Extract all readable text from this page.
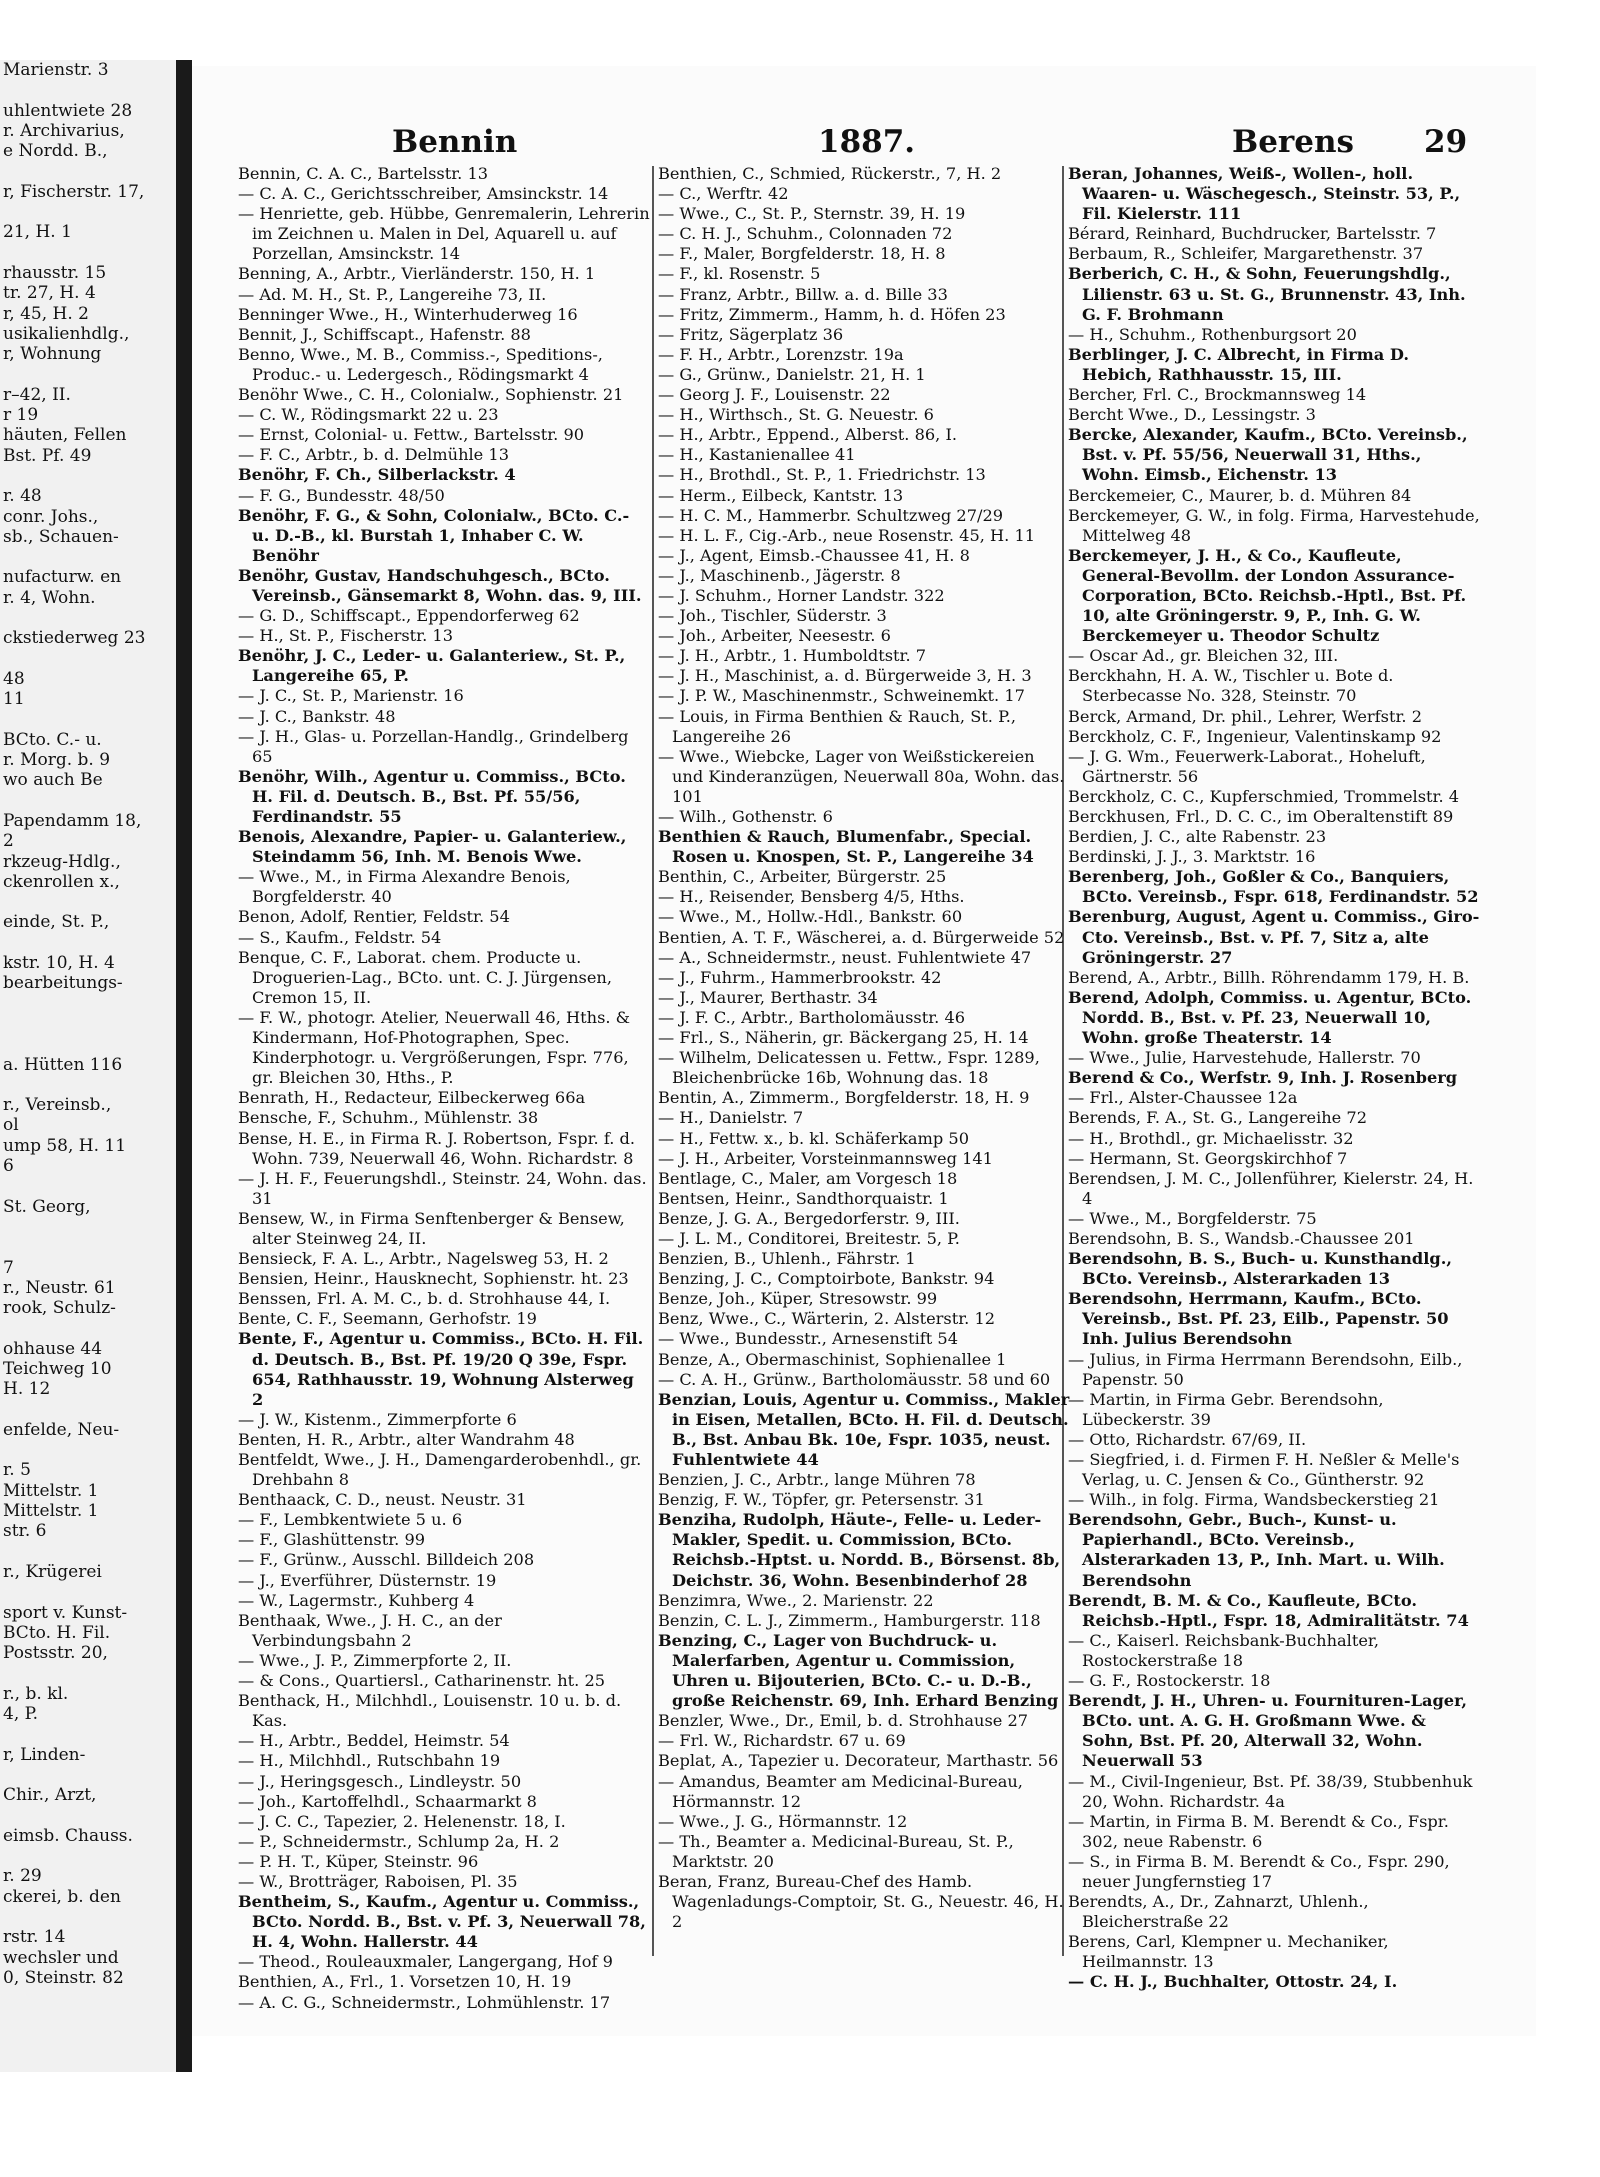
Marienstr. 3

uhlentwiete 28
r. Archivarius,
e Nordd. B.,

r, Fischerstr. 17,

21, H. 1

rhausstr. 15
tr. 27, H. 4
r, 45, H. 2
usikalienhdlg.,
r, Wohnung

r–42, II.
r 19
häuten, Fellen
Bst. Pf. 49

r. 48
conr. Johs.,
sb., Schauen-

nufacturw. en
r. 4, Wohn.

ckstiederweg 23

48
11

BCto. C.- u.
r. Morg. b. 9
wo auch Be

Papendamm 18,
2
rkzeug-Hdlg.,
ckenrollen x.,

einde, St. P.,

kstr. 10, H. 4
bearbeitungs-

a. Hütten 116

r., Vereinsb.,
ol
ump 58, H. 11
6

St. Georg,

7
r., Neustr. 61
rook, Schulz-

ohhause 44
Teichweg 10
H. 12

enfelde, Neu-

r. 5
Mittelstr. 1
Mittelstr. 1
str. 6

r., Krügerei

sport v. Kunst-
BCto. H. Fil.
Postsstr. 20,

r., b. kl.
4, P.

r, Linden-

Chir., Arzt,

eimsb. Chauss.

r. 29
ckerei, b. den

rstr. 14
wechsler und
0, Steinstr. 82
Bennin	1887.	Berens 29
Bennin, C. A. C., Bartelsstr. 13
— C. A. C., Gerichtsschreiber, Amsinckstr. 14
— Henriette, geb. Hübbe, Genremalerin, Lehrerin im Zeichnen u. Malen in Del, Aquarell u. auf Porzellan, Amsinckstr. 14
Benning, A., Arbtr., Vierländerstr. 150, H. 1
— Ad. M. H., St. P., Langereihe 73, II.
Benninger Wwe., H., Winterhuderweg 16
Bennit, J., Schiffscapt., Hafenstr. 88
Benno, Wwe., M. B., Commiss.-, Speditions-, Produc.- u. Ledergesch., Rödingsmarkt 4
Benöhr Wwe., C. H., Colonialw., Sophienstr. 21
— C. W., Rödingsmarkt 22 u. 23
— Ernst, Colonial- u. Fettw., Bartelsstr. 90
— F. C., Arbtr., b. d. Delmühle 13
Benöhr, F. Ch., Silberlackstr. 4
— F. G., Bundesstr. 48/50
Benöhr, F. G., & Sohn, Colonialw., BCto. C.- u. D.-B., kl. Burstah 1, Inhaber C. W. Benöhr
Benöhr, Gustav, Handschuhgesch., BCto. Vereinsb., Gänsemarkt 8, Wohn. das. 9, III.
— G. D., Schiffscapt., Eppendorferweg 62
— H., St. P., Fischerstr. 13
Benöhr, J. C., Leder- u. Galanteriew., St. P., Langereihe 65, P.
— J. C., St. P., Marienstr. 16
— J. C., Bankstr. 48
— J. H., Glas- u. Porzellan-Handlg., Grindelberg 65
Benöhr, Wilh., Agentur u. Commiss., BCto. H. Fil. d. Deutsch. B., Bst. Pf. 55/56, Ferdinandstr. 55
Benois, Alexandre, Papier- u. Galanteriew., Steindamm 56, Inh. M. Benois Wwe.
— Wwe., M., in Firma Alexandre Benois, Borgfelderstr. 40
Benon, Adolf, Rentier, Feldstr. 54
— S., Kaufm., Feldstr. 54
Benque, C. F., Laborat. chem. Producte u. Droguerien-Lag., BCto. unt. C. J. Jürgensen, Cremon 15, II.
— F. W., photogr. Atelier, Neuerwall 46, Hths. & Kindermann, Hof-Photographen, Spec. Kinderphotogr. u. Vergrößerungen, Fspr. 776, gr. Bleichen 30, Hths., P.
Benrath, H., Redacteur, Eilbeckerweg 66a
Bensche, F., Schuhm., Mühlenstr. 38
Bense, H. E., in Firma R. J. Robertson, Fspr. f. d. Wohn. 739, Neuerwall 46, Wohn. Richardstr. 8
— J. H. F., Feuerungshdl., Steinstr. 24, Wohn. das. 31
Bensew, W., in Firma Senftenberger & Bensew, alter Steinweg 24, II.
Bensieck, F. A. L., Arbtr., Nagelsweg 53, H. 2
Bensien, Heinr., Hausknecht, Sophienstr. ht. 23
Benssen, Frl. A. M. C., b. d. Strohhause 44, I.
Bente, C. F., Seemann, Gerhofstr. 19
Bente, F., Agentur u. Commiss., BCto. H. Fil. d. Deutsch. B., Bst. Pf. 19/20 Q 39e, Fspr. 654, Rathhausstr. 19, Wohnung Alsterweg 2
— J. W., Kistenm., Zimmerpforte 6
Benten, H. R., Arbtr., alter Wandrahm 48
Bentfeldt, Wwe., J. H., Damengarderobenhdl., gr. Drehbahn 8
Benthaack, C. D., neust. Neustr. 31
— F., Lembkentwiete 5 u. 6
— F., Glashüttenstr. 99
— F., Grünw., Ausschl. Billdeich 208
— J., Everführer, Düsternstr. 19
— W., Lagermstr., Kuhberg 4
Benthaak, Wwe., J. H. C., an der Verbindungsbahn 2
— Wwe., J. P., Zimmerpforte 2, II.
— & Cons., Quartiersl., Catharinenstr. ht. 25
Benthack, H., Milchhdl., Louisenstr. 10 u. b. d. Kas.
— H., Arbtr., Beddel, Heimstr. 54
— H., Milchhdl., Rutschbahn 19
— J., Heringsgesch., Lindleystr. 50
— Joh., Kartoffelhdl., Schaarmarkt 8
— J. C. C., Tapezier, 2. Helenenstr. 18, I.
— P., Schneidermstr., Schlump 2a, H. 2
— P. H. T., Küper, Steinstr. 96
— W., Brotträger, Raboisen, Pl. 35
Bentheim, S., Kaufm., Agentur u. Commiss., BCto. Nordd. B., Bst. v. Pf. 3, Neuerwall 78, H. 4, Wohn. Hallerstr. 44
— Theod., Rouleauxmaler, Langergang, Hof 9
Benthien, A., Frl., 1. Vorsetzen 10, H. 19
— A. C. G., Schneidermstr., Lohmühlenstr. 17
Benthien, C., Schmied, Rückerstr., 7, H. 2
— C., Werftr. 42
— Wwe., C., St. P., Sternstr. 39, H. 19
— C. H. J., Schuhm., Colonnaden 72
— F., Maler, Borgfelderstr. 18, H. 8
— F., kl. Rosenstr. 5
— Franz, Arbtr., Billw. a. d. Bille 33
— Fritz, Zimmerm., Hamm, h. d. Höfen 23
— Fritz, Sägerplatz 36
— F. H., Arbtr., Lorenzstr. 19a
— G., Grünw., Danielstr. 21, H. 1
— Georg J. F., Louisenstr. 22
— H., Wirthsch., St. G. Neuestr. 6
— H., Arbtr., Eppend., Alberst. 86, I.
— H., Kastanienallee 41
— H., Brothdl., St. P., 1. Friedrichstr. 13
— Herm., Eilbeck, Kantstr. 13
— H. C. M., Hammerbr. Schultzweg 27/29
— H. L. F., Cig.-Arb., neue Rosenstr. 45, H. 11
— J., Agent, Eimsb.-Chaussee 41, H. 8
— J., Maschinenb., Jägerstr. 8
— J. Schuhm., Horner Landstr. 322
— Joh., Tischler, Süderstr. 3
— Joh., Arbeiter, Neesestr. 6
— J. H., Arbtr., 1. Humboldtstr. 7
— J. H., Maschinist, a. d. Bürgerweide 3, H. 3
— J. P. W., Maschinenmstr., Schweinemkt. 17
— Louis, in Firma Benthien & Rauch, St. P., Langereihe 26
— Wwe., Wiebcke, Lager von Weißstickereien und Kinderanzügen, Neuerwall 80a, Wohn. das. 101
— Wilh., Gothenstr. 6
Benthien & Rauch, Blumenfabr., Special. Rosen u. Knospen, St. P., Langereihe 34
Benthin, C., Arbeiter, Bürgerstr. 25
— H., Reisender, Bensberg 4/5, Hths.
— Wwe., M., Hollw.-Hdl., Bankstr. 60
Bentien, A. T. F., Wäscherei, a. d. Bürgerweide 52
— A., Schneidermstr., neust. Fuhlentwiete 47
— J., Fuhrm., Hammerbrookstr. 42
— J., Maurer, Berthastr. 34
— J. F. C., Arbtr., Bartholomäusstr. 46
— Frl., S., Näherin, gr. Bäckergang 25, H. 14
— Wilhelm, Delicatessen u. Fettw., Fspr. 1289, Bleichenbrücke 16b, Wohnung das. 18
Bentin, A., Zimmerm., Borgfelderstr. 18, H. 9
— H., Danielstr. 7
— H., Fettw. x., b. kl. Schäferkamp 50
— J. H., Arbeiter, Vorsteinmannsweg 141
Bentlage, C., Maler, am Vorgesch 18
Bentsen, Heinr., Sandthorquaistr. 1
Benze, J. G. A., Bergedorferstr. 9, III.
— J. L. M., Conditorei, Breitestr. 5, P.
Benzien, B., Uhlenh., Fährstr. 1
Benzing, J. C., Comptoirbote, Bankstr. 94
Benze, Joh., Küper, Stresowstr. 99
Benz, Wwe., C., Wärterin, 2. Alsterstr. 12
— Wwe., Bundesstr., Arnesenstift 54
Benze, A., Obermaschinist, Sophienallee 1
— C. A. H., Grünw., Bartholomäusstr. 58 und 60
Benzian, Louis, Agentur u. Commiss., Makler in Eisen, Metallen, BCto. H. Fil. d. Deutsch. B., Bst. Anbau Bk. 10e, Fspr. 1035, neust. Fuhlentwiete 44
Benzien, J. C., Arbtr., lange Mühren 78
Benzig, F. W., Töpfer, gr. Petersenstr. 31
Benziha, Rudolph, Häute-, Felle- u. Leder-Makler, Spedit. u. Commission, BCto. Reichsb.-Hptst. u. Nordd. B., Börsenst. 8b, Deichstr. 36, Wohn. Besenbinderhof 28
Benzimra, Wwe., 2. Marienstr. 22
Benzin, C. L. J., Zimmerm., Hamburgerstr. 118
Benzing, C., Lager von Buchdruck- u. Malerfarben, Agentur u. Commission, Uhren u. Bijouterien, BCto. C.- u. D.-B., große Reichenstr. 69, Inh. Erhard Benzing
Benzler, Wwe., Dr., Emil, b. d. Strohhause 27
— Frl. W., Richardstr. 67 u. 69
Beplat, A., Tapezier u. Decorateur, Marthastr. 56
— Amandus, Beamter am Medicinal-Bureau, Hörmannstr. 12
— Wwe., J. G., Hörmannstr. 12
— Th., Beamter a. Medicinal-Bureau, St. P., Marktstr. 20
Beran, Franz, Bureau-Chef des Hamb. Wagenladungs-Comptoir, St. G., Neuestr. 46, H. 2
Beran, Johannes, Weiß-, Wollen-, holl. Waaren- u. Wäschegesch., Steinstr. 53, P., Fil. Kielerstr. 111
Bérard, Reinhard, Buchdrucker, Bartelsstr. 7
Berbaum, R., Schleifer, Margarethenstr. 37
Berberich, C. H., & Sohn, Feuerungshdlg., Lilienstr. 63 u. St. G., Brunnenstr. 43, Inh. G. F. Brohmann
— H., Schuhm., Rothenburgsort 20
Berblinger, J. C. Albrecht, in Firma D. Hebich, Rathhausstr. 15, III.
Bercher, Frl. C., Brockmannsweg 14
Bercht Wwe., D., Lessingstr. 3
Bercke, Alexander, Kaufm., BCto. Vereinsb., Bst. v. Pf. 55/56, Neuerwall 31, Hths., Wohn. Eimsb., Eichenstr. 13
Berckemeier, C., Maurer, b. d. Mühren 84
Berckemeyer, G. W., in folg. Firma, Harvestehude, Mittelweg 48
Berckemeyer, J. H., & Co., Kaufleute, General-Bevollm. der London Assurance-Corporation, BCto. Reichsb.-Hptl., Bst. Pf. 10, alte Gröningerstr. 9, P., Inh. G. W. Berckemeyer u. Theodor Schultz
— Oscar Ad., gr. Bleichen 32, III.
Berckhahn, H. A. W., Tischler u. Bote d. Sterbecasse No. 328, Steinstr. 70
Berck, Armand, Dr. phil., Lehrer, Werfstr. 2
Berckholz, C. F., Ingenieur, Valentinskamp 92
— J. G. Wm., Feuerwerk-Laborat., Hoheluft, Gärtnerstr. 56
Berckholz, C. C., Kupferschmied, Trommelstr. 4
Berckhusen, Frl., D. C. C., im Oberaltenstift 89
Berdien, J. C., alte Rabenstr. 23
Berdinski, J. J., 3. Marktstr. 16
Berenberg, Joh., Goßler & Co., Banquiers, BCto. Vereinsb., Fspr. 618, Ferdinandstr. 52
Berenburg, August, Agent u. Commiss., Giro-Cto. Vereinsb., Bst. v. Pf. 7, Sitz a, alte Gröningerstr. 27
Berend, A., Arbtr., Billh. Röhrendamm 179, H. B.
Berend, Adolph, Commiss. u. Agentur, BCto. Nordd. B., Bst. v. Pf. 23, Neuerwall 10, Wohn. große Theaterstr. 14
— Wwe., Julie, Harvestehude, Hallerstr. 70
Berend & Co., Werfstr. 9, Inh. J. Rosenberg
— Frl., Alster-Chaussee 12a
Berends, F. A., St. G., Langereihe 72
— H., Brothdl., gr. Michaelisstr. 32
— Hermann, St. Georgskirchhof 7
Berendsen, J. M. C., Jollenführer, Kielerstr. 24, H. 4
— Wwe., M., Borgfelderstr. 75
Berendsohn, B. S., Wandsb.-Chaussee 201
Berendsohn, B. S., Buch- u. Kunsthandlg., BCto. Vereinsb., Alsterarkaden 13
Berendsohn, Herrmann, Kaufm., BCto. Vereinsb., Bst. Pf. 23, Eilb., Papenstr. 50 Inh. Julius Berendsohn
— Julius, in Firma Herrmann Berendsohn, Eilb., Papenstr. 50
— Martin, in Firma Gebr. Berendsohn, Lübeckerstr. 39
— Otto, Richardstr. 67/69, II.
— Siegfried, i. d. Firmen F. H. Neßler & Melle's Verlag, u. C. Jensen & Co., Güntherstr. 92
— Wilh., in folg. Firma, Wandsbeckerstieg 21
Berendsohn, Gebr., Buch-, Kunst- u. Papierhandl., BCto. Vereinsb., Alsterarkaden 13, P., Inh. Mart. u. Wilh. Berendsohn
Berendt, B. M. & Co., Kaufleute, BCto. Reichsb.-Hptl., Fspr. 18, Admiralitätstr. 74
— C., Kaiserl. Reichsbank-Buchhalter, Rostockerstraße 18
— G. F., Rostockerstr. 18
Berendt, J. H., Uhren- u. Fournituren-Lager, BCto. unt. A. G. H. Großmann Wwe. & Sohn, Bst. Pf. 20, Alterwall 32, Wohn. Neuerwall 53
— M., Civil-Ingenieur, Bst. Pf. 38/39, Stubbenhuk 20, Wohn. Richardstr. 4a
— Martin, in Firma B. M. Berendt & Co., Fspr. 302, neue Rabenstr. 6
— S., in Firma B. M. Berendt & Co., Fspr. 290, neuer Jungfernstieg 17
Berendts, A., Dr., Zahnarzt, Uhlenh., Bleicherstraße 22
Berens, Carl, Klempner u. Mechaniker, Heilmannstr. 13
— C. H. J., Buchhalter, Ottostr. 24, I.
